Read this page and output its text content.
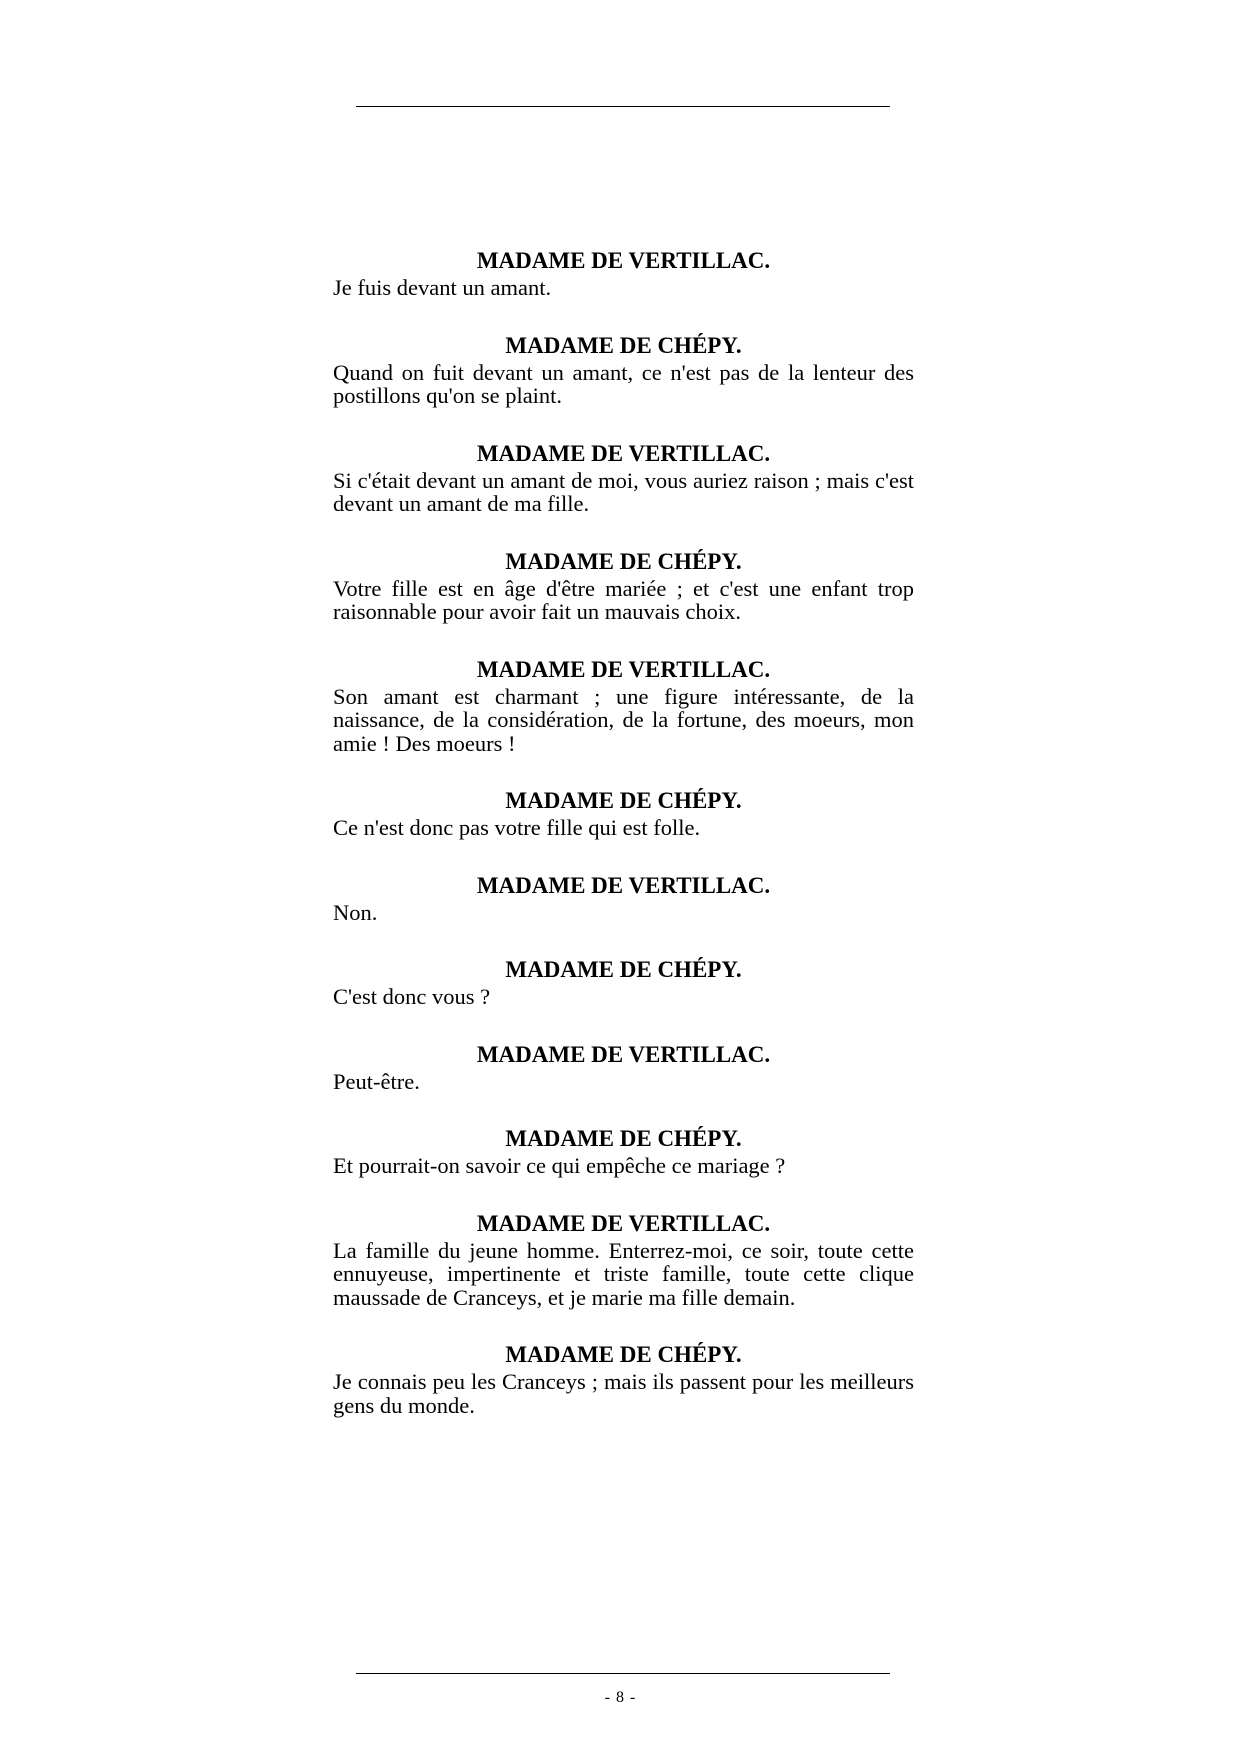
MADAME DE VERTILLAC.

Je fuis devant un amant.

MADAME DE CHÉPY.

Quand on fuit devant un amant, ce n'est pas de la lenteur des postillons qu'on se plaint.

MADAME DE VERTILLAC.

Si c'était devant un amant de moi, vous auriez raison ; mais c'est devant un amant de ma fille.

MADAME DE CHÉPY.

Votre fille est en âge d'être mariée ; et c'est une enfant trop raisonnable pour avoir fait un mauvais choix.

MADAME DE VERTILLAC.

Son amant est charmant ; une figure intéressante, de la naissance, de la considération, de la fortune, des moeurs, mon amie ! Des moeurs !

MADAME DE CHÉPY.

Ce n'est donc pas votre fille qui est folle.

MADAME DE VERTILLAC.

Non.

MADAME DE CHÉPY.

C'est donc vous ?

MADAME DE VERTILLAC.

Peut-être.

MADAME DE CHÉPY.

Et pourrait-on savoir ce qui empêche ce mariage ?

MADAME DE VERTILLAC.

La famille du jeune homme. Enterrez-moi, ce soir, toute cette ennuyeuse, impertinente et triste famille, toute cette clique maussade de Cranceys, et je marie ma fille demain.

MADAME DE CHÉPY.

Je connais peu les Cranceys ; mais ils passent pour les meilleurs gens du monde.

- 8 -
